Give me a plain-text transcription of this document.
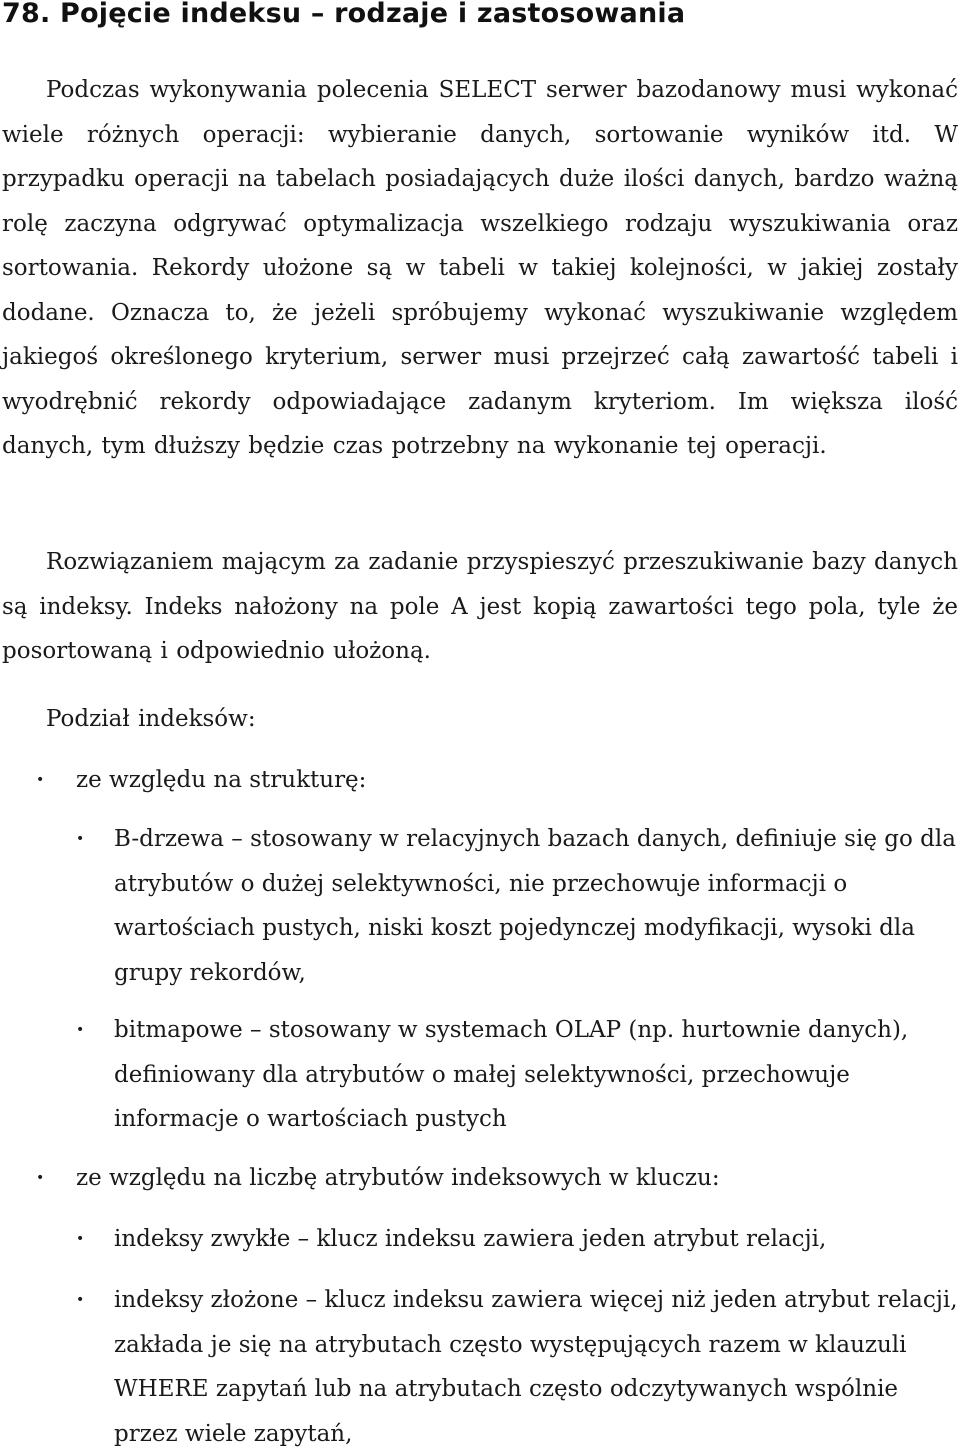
78. Pojęcie indeksu – rodzaje i zastosowania

Podczas wykonywania polecenia SELECT serwer bazodanowy musi wykonać wiele różnych operacji: wybieranie danych, sortowanie wyników itd. W przypadku operacji na tabelach posiadających duże ilości danych, bardzo ważną rolę zaczyna odgrywać optymalizacja wszelkiego rodzaju wyszukiwania oraz sortowania. Rekordy ułożone są w tabeli w takiej kolejności, w jakiej zostały dodane. Oznacza to, że jeżeli spróbujemy wykonać wyszukiwanie względem jakiegoś określonego kryterium, serwer musi przejrzeć całą zawartość tabeli i wyodrębnić rekordy odpowiadające zadanym kryteriom. Im większa ilość danych, tym dłuższy będzie czas potrzebny na wykonanie tej operacji.

Rozwiązaniem mającym za zadanie przyspieszyć przeszukiwanie bazy danych są indeksy. Indeks nałożony na pole A jest kopią zawartości tego pola, tyle że posortowaną i odpowiednio ułożoną.

Podział indeksów:

• ze względu na strukturę:
• B-drzewa – stosowany w relacyjnych bazach danych, definiuje się go dla atrybutów o dużej selektywności, nie przechowuje informacji o wartościach pustych, niski koszt pojedynczej modyfikacji, wysoki dla grupy rekordów,
• bitmapowe – stosowany w systemach OLAP (np. hurtownie danych), definiowany dla atrybutów o małej selektywności, przechowuje informacje o wartościach pustych
• ze względu na liczbę atrybutów indeksowych w kluczu:
• indeksy zwykłe – klucz indeksu zawiera jeden atrybut relacji,
• indeksy złożone – klucz indeksu zawiera więcej niż jeden atrybut relacji, zakłada je się na atrybutach często występujących razem w klauzuli WHERE zapytań lub na atrybutach często odczytywanych wspólnie przez wiele zapytań,
